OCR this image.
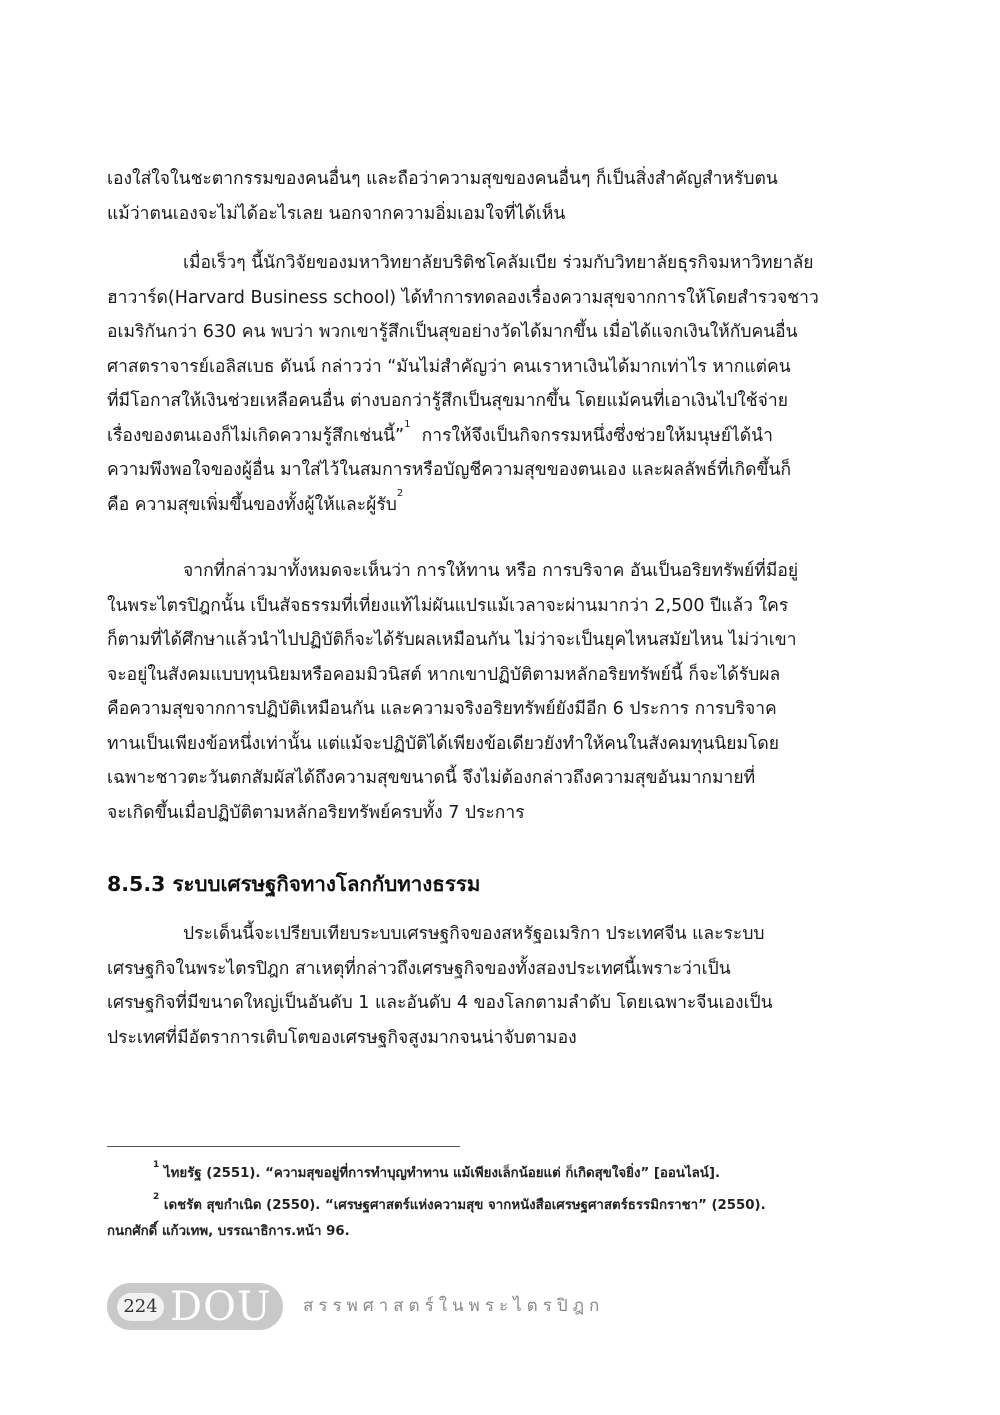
เองใส่ใจในชะตากรรมของคนอื่นๆ และถือว่าความสุขของคนอื่นๆ ก็เป็นสิ่งสำคัญสำหรับตน
แม้ว่าตนเองจะไม่ได้อะไรเลย นอกจากความอิ่มเอมใจที่ได้เห็น

เมื่อเร็วๆ นี้นักวิจัยของมหาวิทยาลัยบริติชโคลัมเบีย ร่วมกับวิทยาลัยธุรกิจมหาวิทยาลัย
ฮาวาร์ด(Harvard Business school) ได้ทำการทดลองเรื่องความสุขจากการให้โดยสำรวจชาว
อเมริกันกว่า 630 คน พบว่า พวกเขารู้สึกเป็นสุขอย่างวัดได้มากขึ้น เมื่อได้แจกเงินให้กับคนอื่น
ศาสตราจารย์เอลิสเบธ ดันน์ กล่าวว่า “มันไม่สำคัญว่า คนเราหาเงินได้มากเท่าไร หากแต่คน
ที่มีโอกาสให้เงินช่วยเหลือคนอื่น ต่างบอกว่ารู้สึกเป็นสุขมากขึ้น โดยแม้คนที่เอาเงินไปใช้จ่าย
เรื่องของตนเองก็ไม่เกิดความรู้สึกเช่นนี้”$^1$  การให้จึงเป็นกิจกรรมหนึ่งซึ่งช่วยให้มนุษย์ได้นำ
ความพึงพอใจของผู้อื่น มาใส่ไว้ในสมการหรือบัญชีความสุขของตนเอง และผลลัพธ์ที่เกิดขึ้นก็
คือ ความสุขเพิ่มขึ้นของทั้งผู้ให้และผู้รับ$^2$

จากที่กล่าวมาทั้งหมดจะเห็นว่า การให้ทาน หรือ การบริจาค อันเป็นอริยทรัพย์ที่มีอยู่
ในพระไตรปิฎกนั้น เป็นสัจธรรมที่เที่ยงแท้ไม่ผันแปรแม้เวลาจะผ่านมากว่า 2,500 ปีแล้ว ใคร
ก็ตามที่ได้ศึกษาแล้วนำไปปฏิบัติก็จะได้รับผลเหมือนกัน ไม่ว่าจะเป็นยุคไหนสมัยไหน ไม่ว่าเขา
จะอยู่ในสังคมแบบทุนนิยมหรือคอมมิวนิสต์ หากเขาปฏิบัติตามหลักอริยทรัพย์นี้ ก็จะได้รับผล
คือความสุขจากการปฏิบัติเหมือนกัน และความจริงอริยทรัพย์ยังมีอีก 6 ประการ การบริจาค
ทานเป็นเพียงข้อหนึ่งเท่านั้น แต่แม้จะปฏิบัติได้เพียงข้อเดียวยังทำให้คนในสังคมทุนนิยมโดย
เฉพาะชาวตะวันตกสัมผัสได้ถึงความสุขขนาดนี้ จึงไม่ต้องกล่าวถึงความสุขอันมากมายที่
จะเกิดขึ้นเมื่อปฏิบัติตามหลักอริยทรัพย์ครบทั้ง 7 ประการ

8.5.3 ระบบเศรษฐกิจทางโลกกับทางธรรม

ประเด็นนี้จะเปรียบเทียบระบบเศรษฐกิจของสหรัฐอเมริกา ประเทศจีน และระบบ
เศรษฐกิจในพระไตรปิฎก สาเหตุที่กล่าวถึงเศรษฐกิจของทั้งสองประเทศนี้เพราะว่าเป็น
เศรษฐกิจที่มีขนาดใหญ่เป็นอันดับ 1 และอันดับ 4 ของโลกตามลำดับ โดยเฉพาะจีนเองเป็น
ประเทศที่มีอัตราการเติบโตของเศรษฐกิจสูงมากจนน่าจับตามอง

$^1$ ไทยรัฐ (2551). “ความสุขอยู่ที่การทำบุญทำทาน แม้เพียงเล็กน้อยแต่ ก็เกิดสุขใจยิ่ง” [ออนไลน์].

$^2$ เดชรัต สุขกำเนิด (2550). “เศรษฐศาสตร์แห่งความสุข จากหนังสือเศรษฐศาสตร์ธรรมิกราชา” (2550).
กนกศักดิ์ แก้วเทพ, บรรณาธิการ.หน้า 96.

224 DOU สรรพศาสตร์ในพระไตรปิฎก
